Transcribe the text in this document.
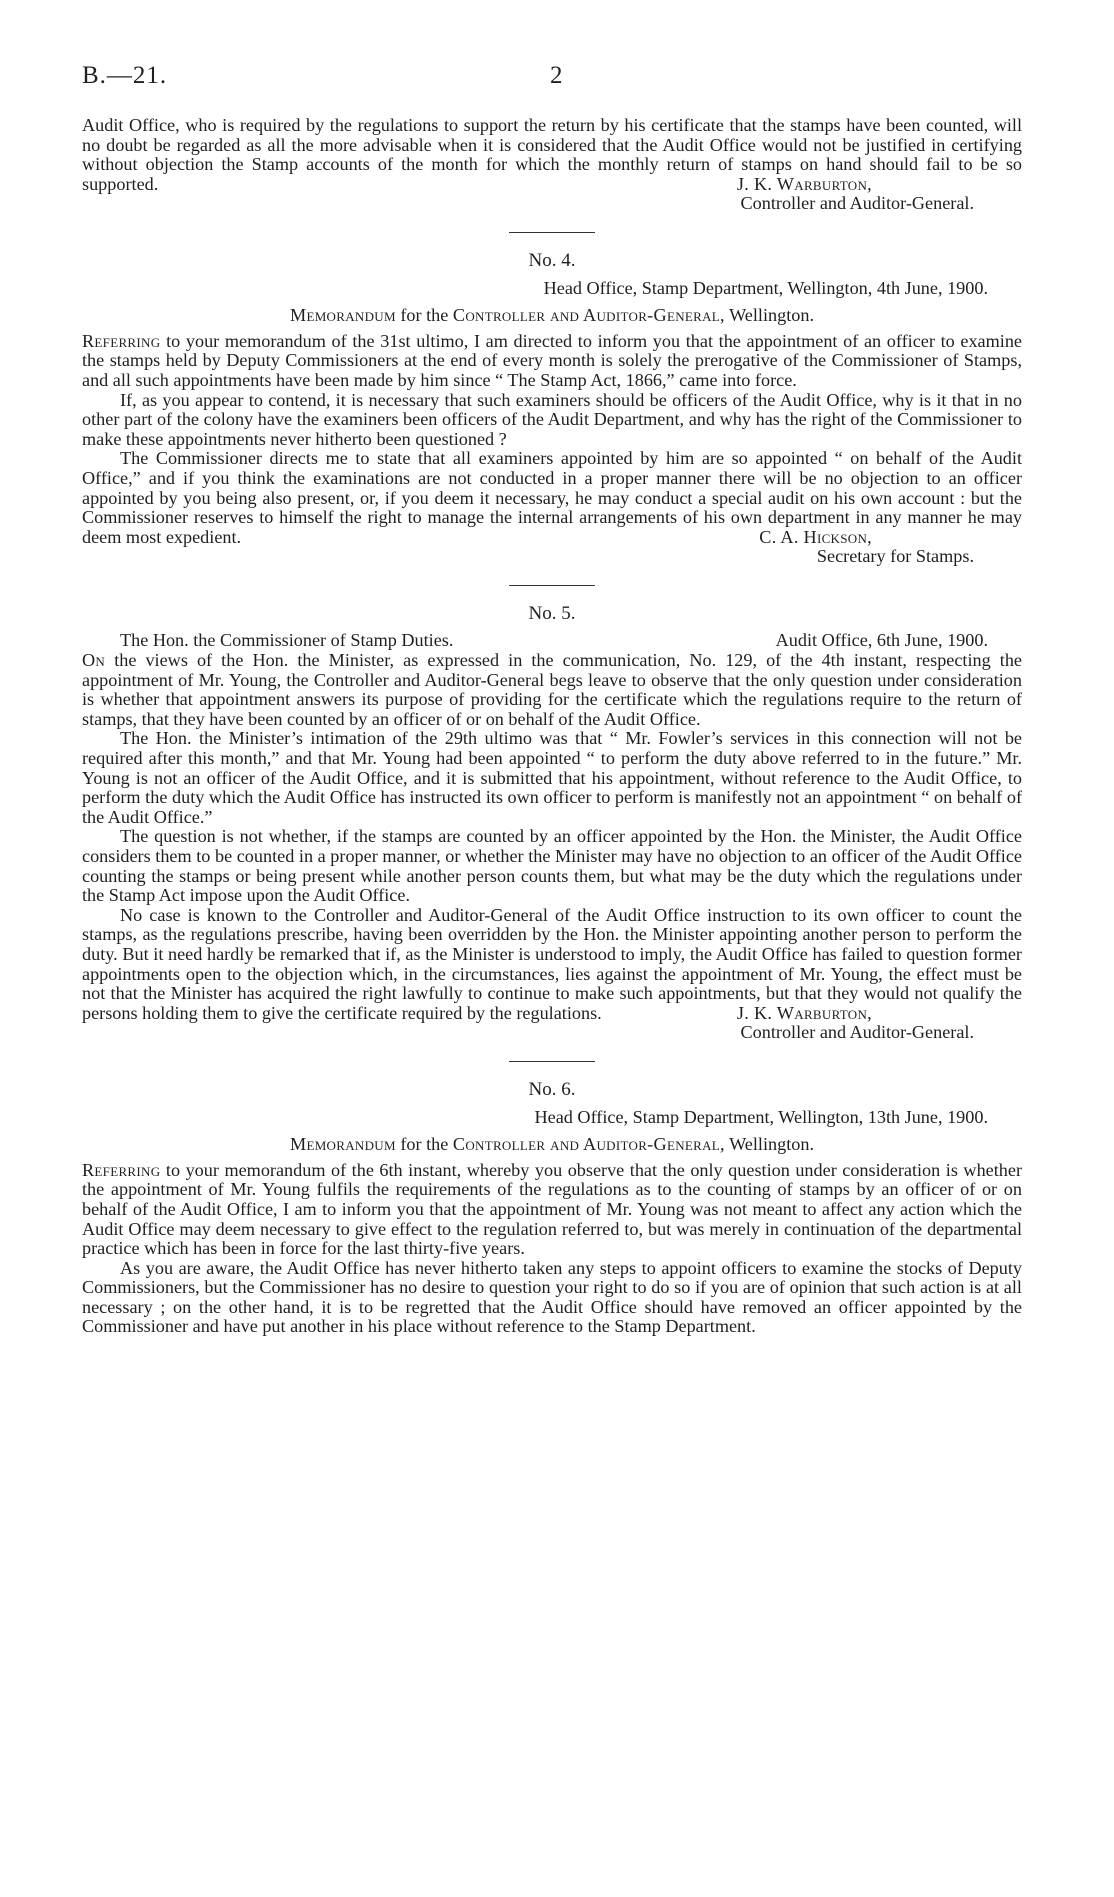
B.—21.	2

Audit Office, who is required by the regulations to support the return by his certificate that the stamps have been counted, will no doubt be regarded as all the more advisable when it is considered that the Audit Office would not be justified in certifying without objection the Stamp accounts of the month for which the monthly return of stamps on hand should fail to be so supported.	J. K. Warburton,

Controller and Auditor-General.
No. 4.
Head Office, Stamp Department, Wellington, 4th June, 1900.
Memorandum for the Controller and Auditor-General, Wellington.

Referring to your memorandum of the 31st ultimo, I am directed to inform you that the appointment of an officer to examine the stamps held by Deputy Commissioners at the end of every month is solely the prerogative of the Commissioner of Stamps, and all such appointments have been made by him since “ The Stamp Act, 1866,” came into force.

If, as you appear to contend, it is necessary that such examiners should be officers of the Audit Office, why is it that in no other part of the colony have the examiners been officers of the Audit Department, and why has the right of the Commissioner to make these appointments never hitherto been questioned ?

The Commissioner directs me to state that all examiners appointed by him are so appointed “ on behalf of the Audit Office,” and if you think the examinations are not conducted in a proper manner there will be no objection to an officer appointed by you being also present, or, if you deem it necessary, he may conduct a special audit on his own account : but the Commissioner reserves to himself the right to manage the internal arrangements of his own department in any manner he may deem most expedient.	C. A. Hickson,

Secretary for Stamps.
No. 5.
The Hon. the Commissioner of Stamp Duties.	Audit Office, 6th June, 1900.

On the views of the Hon. the Minister, as expressed in the communication, No. 129, of the 4th instant, respecting the appointment of Mr. Young, the Controller and Auditor-General begs leave to observe that the only question under consideration is whether that appointment answers its purpose of providing for the certificate which the regulations require to the return of stamps, that they have been counted by an officer of or on behalf of the Audit Office.

The Hon. the Minister’s intimation of the 29th ultimo was that “ Mr. Fowler’s services in this connection will not be required after this month,” and that Mr. Young had been appointed “ to perform the duty above referred to in the future.” Mr. Young is not an officer of the Audit Office, and it is submitted that his appointment, without reference to the Audit Office, to perform the duty which the Audit Office has instructed its own officer to perform is manifestly not an appointment “ on behalf of the Audit Office.”

The question is not whether, if the stamps are counted by an officer appointed by the Hon. the Minister, the Audit Office considers them to be counted in a proper manner, or whether the Minister may have no objection to an officer of the Audit Office counting the stamps or being present while another person counts them, but what may be the duty which the regulations under the Stamp Act impose upon the Audit Office.

No case is known to the Controller and Auditor-General of the Audit Office instruction to its own officer to count the stamps, as the regulations prescribe, having been overridden by the Hon. the Minister appointing another person to perform the duty. But it need hardly be remarked that if, as the Minister is understood to imply, the Audit Office has failed to question former appointments open to the objection which, in the circumstances, lies against the appointment of Mr. Young, the effect must be not that the Minister has acquired the right lawfully to continue to make such appointments, but that they would not qualify the persons holding them to give the certificate required by the regulations.	J. K. Warburton,

Controller and Auditor-General.
No. 6.
Head Office, Stamp Department, Wellington, 13th June, 1900.
Memorandum for the Controller and Auditor-General, Wellington.

Referring to your memorandum of the 6th instant, whereby you observe that the only question under consideration is whether the appointment of Mr. Young fulfils the requirements of the regulations as to the counting of stamps by an officer of or on behalf of the Audit Office, I am to inform you that the appointment of Mr. Young was not meant to affect any action which the Audit Office may deem necessary to give effect to the regulation referred to, but was merely in continuation of the departmental practice which has been in force for the last thirty-five years.

As you are aware, the Audit Office has never hitherto taken any steps to appoint officers to examine the stocks of Deputy Commissioners, but the Commissioner has no desire to question your right to do so if you are of opinion that such action is at all necessary ; on the other hand, it is to be regretted that the Audit Office should have removed an officer appointed by the Commissioner and have put another in his place without reference to the Stamp Department.
